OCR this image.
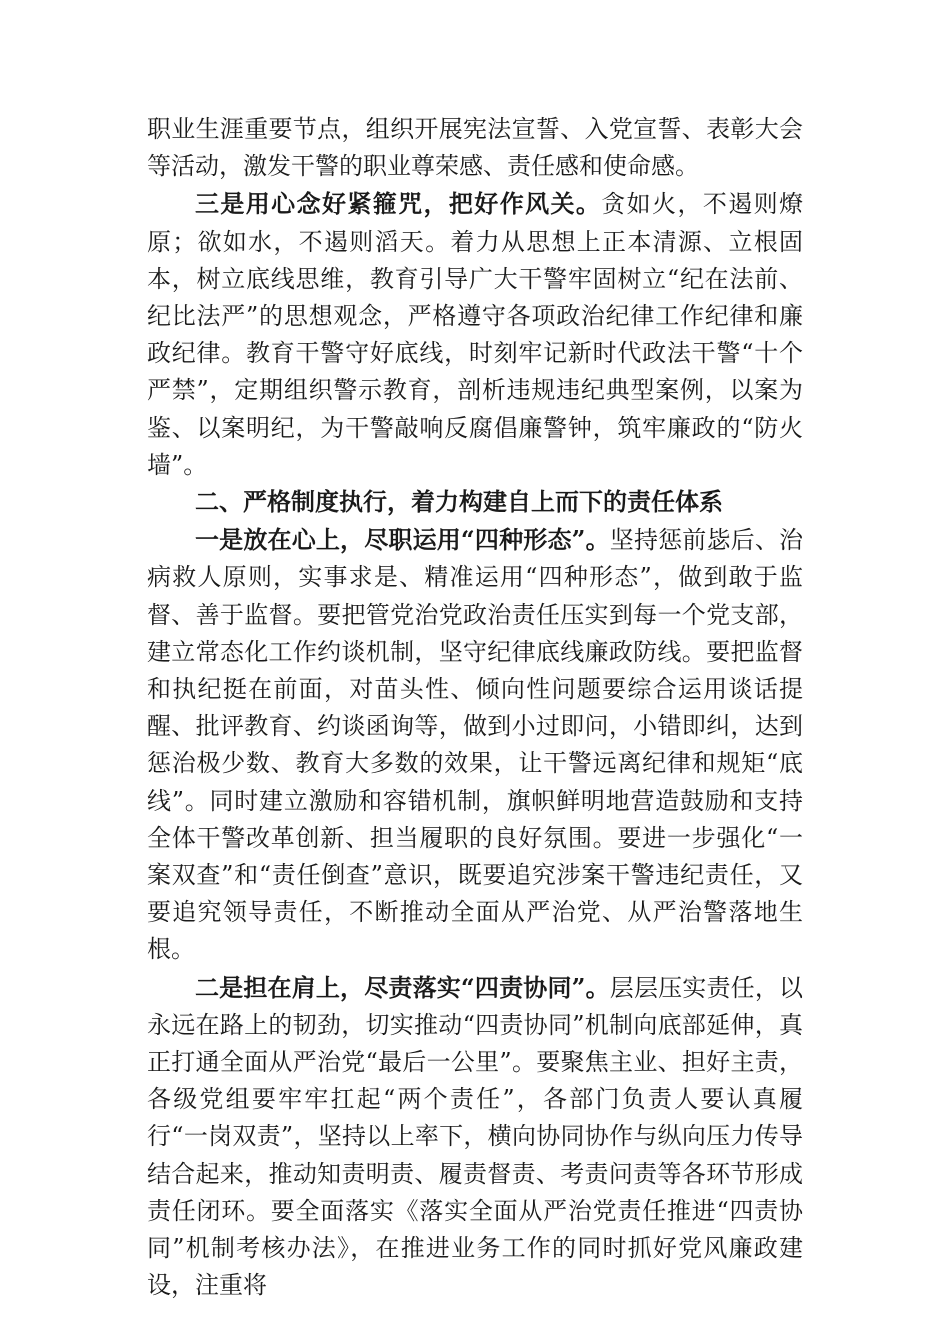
职业生涯重要节点，组织开展宪法宣誓、入党宣誓、表彰大会等活动，激发干警的职业尊荣感、责任感和使命感。

三是用心念好紧箍咒，把好作风关。贪如火，不遏则燎原；欲如水，不遏则滔天。着力从思想上正本清源、立根固本，树立底线思维，教育引导广大干警牢固树立“纪在法前、纪比法严”的思想观念，严格遵守各项政治纪律工作纪律和廉政纪律。教育干警守好底线，时刻牢记新时代政法干警“十个严禁”，定期组织警示教育，剖析违规违纪典型案例，以案为鉴、以案明纪，为干警敲响反腐倡廉警钟，筑牢廉政的“防火墙”。

二、严格制度执行，着力构建自上而下的责任体系

一是放在心上，尽职运用“四种形态”。坚持惩前毖后、治病救人原则，实事求是、精准运用“四种形态”，做到敢于监督、善于监督。要把管党治党政治责任压实到每一个党支部，建立常态化工作约谈机制，坚守纪律底线廉政防线。要把监督和执纪挺在前面，对苗头性、倾向性问题要综合运用谈话提醒、批评教育、约谈函询等，做到小过即问，小错即纠，达到惩治极少数、教育大多数的效果，让干警远离纪律和规矩“底线”。同时建立激励和容错机制，旗帜鲜明地营造鼓励和支持全体干警改革创新、担当履职的良好氛围。要进一步强化“一案双查”和“责任倒查”意识，既要追究涉案干警违纪责任，又要追究领导责任，不断推动全面从严治党、从严治警落地生根。

二是担在肩上，尽责落实“四责协同”。层层压实责任，以永远在路上的韧劲，切实推动“四责协同”机制向底部延伸，真正打通全面从严治党“最后一公里”。要聚焦主业、担好主责，各级党组要牢牢扛起“两个责任”，各部门负责人要认真履行“一岗双责”，坚持以上率下，横向协同协作与纵向压力传导结合起来，推动知责明责、履责督责、考责问责等各环节形成责任闭环。要全面落实《落实全面从严治党责任推进“四责协同”机制考核办法》，在推进业务工作的同时抓好党风廉政建设，注重将
